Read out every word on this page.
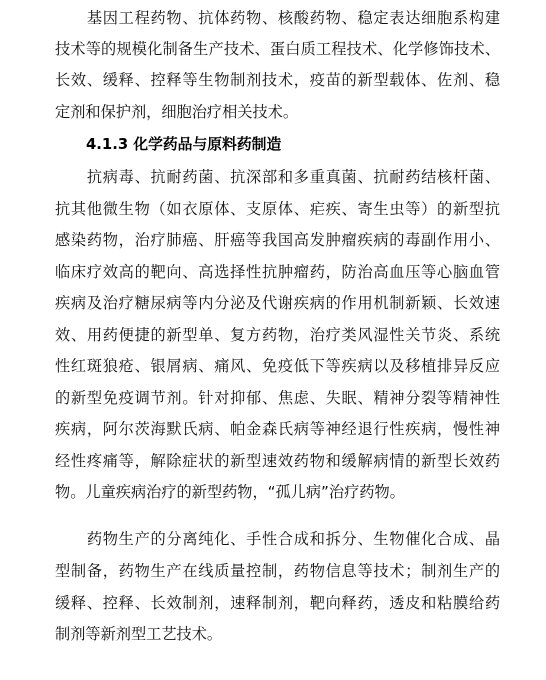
　　基因工程药物、抗体药物、核酸药物、稳定表达细胞系构建
技术等的规模化制备生产技术、蛋白质工程技术、化学修饰技术、
长效、缓释、控释等生物制剂技术，疫苗的新型载体、佐剂、稳
定剂和保护剂，细胞治疗相关技术。
4.1.3 化学药品与原料药制造
　　抗病毒、抗耐药菌、抗深部和多重真菌、抗耐药结核杆菌、
抗其他微生物（如衣原体、支原体、疟疾、寄生虫等）的新型抗
感染药物，治疗肺癌、肝癌等我国高发肿瘤疾病的毒副作用小、
临床疗效高的靶向、高选择性抗肿瘤药，防治高血压等心脑血管
疾病及治疗糖尿病等内分泌及代谢疾病的作用机制新颖、长效速
效、用药便捷的新型单、复方药物，治疗类风湿性关节炎、系统
性红斑狼疮、银屑病、痛风、免疫低下等疾病以及移植排异反应
的新型免疫调节剂。针对抑郁、焦虑、失眠、精神分裂等精神性
疾病，阿尔茨海默氏病、帕金森氏病等神经退行性疾病，慢性神
经性疼痛等，解除症状的新型速效药物和缓解病情的新型长效药
物。儿童疾病治疗的新型药物，“孤儿病”治疗药物。
　　药物生产的分离纯化、手性合成和拆分、生物催化合成、晶
型制备，药物生产在线质量控制，药物信息等技术；制剂生产的
缓释、控释、长效制剂，速释制剂，靶向释药，透皮和粘膜给药
制剂等新剂型工艺技术。
